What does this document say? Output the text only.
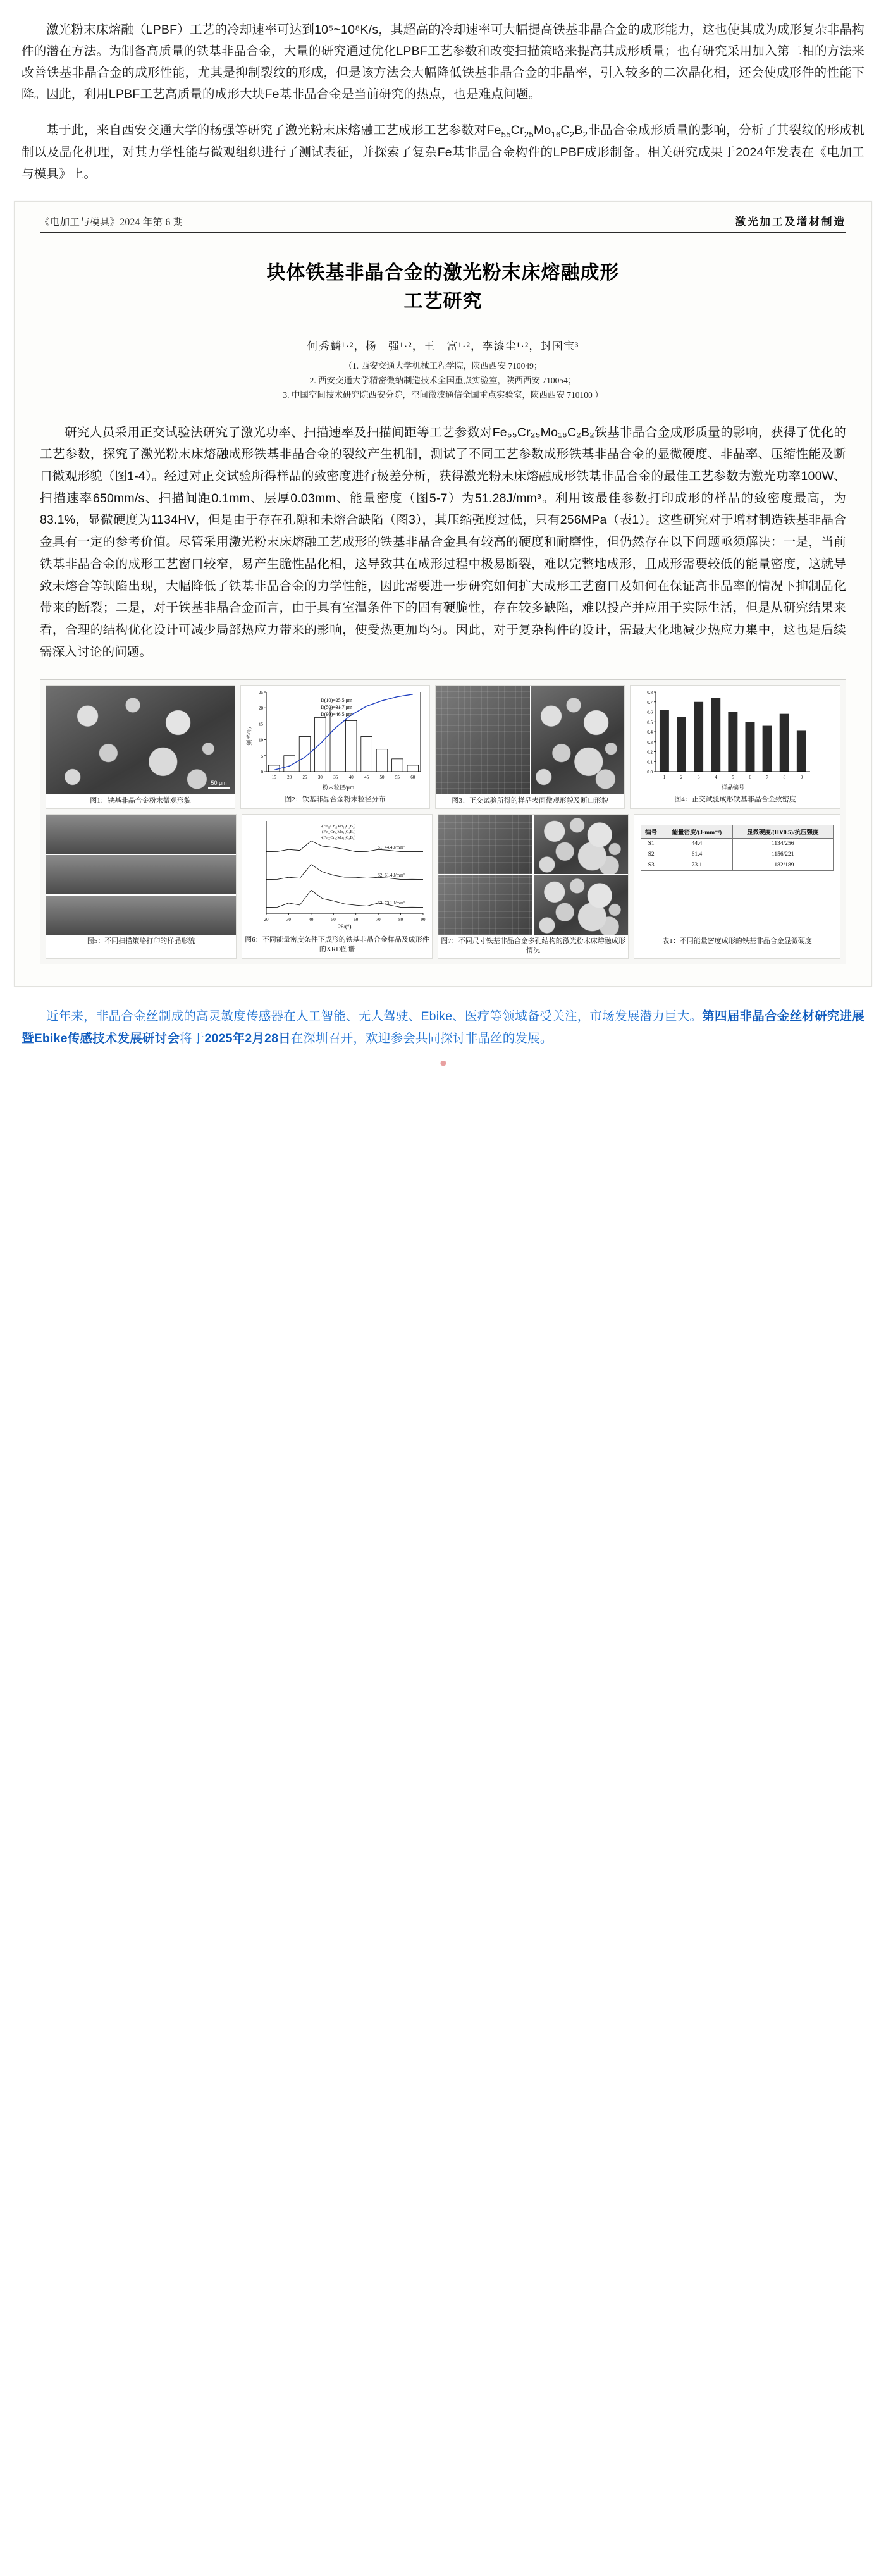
激光粉末床熔融（LPBF）工艺的冷却速率可达到10⁵~10⁸K/s，其超高的冷却速率可大幅提高铁基非晶合金的成形能力，这也使其成为成形复杂非晶构件的潜在方法。为制备高质量的铁基非晶合金，大量的研究通过优化LPBF工艺参数和改变扫描策略来提高其成形质量；也有研究采用加入第二相的方法来改善铁基非晶合金的成形性能，尤其是抑制裂纹的形成，但是该方法会大幅降低铁基非晶合金的非晶率，引入较多的二次晶化相，还会使成形件的性能下降。因此，利用LPBF工艺高质量的成形大块Fe基非晶合金是当前研究的热点，也是难点问题。

基于此，来自西安交通大学的杨强等研究了激光粉末床熔融工艺成形工艺参数对$Fe_{55}Cr_{25}Mo_{16}C_2B_2$非晶合金成形质量的影响，分析了其裂纹的形成机制以及晶化机理，对其力学性能与微观组织进行了测试表征，并探索了复杂Fe基非晶合金构件的LPBF成形制备。相关研究成果于2024年发表在《电加工与模具》上。

《电加工与模具》2024 年第 6 期	激光加工及增材制造
块体铁基非晶合金的激光粉末床熔融成形
工艺研究
何秀麟¹·²，杨　强¹·²，王　富¹·²，李漆尘¹·²，封国宝³
（1. 西安交通大学机械工程学院，陕西西安 710049；
2. 西安交通大学精密微纳制造技术全国重点实验室，陕西西安 710054；
3. 中国空间技术研究院西安分院，空间微波通信全国重点实验室，陕西西安 710100 ）

研究人员采用正交试验法研究了激光功率、扫描速率及扫描间距等工艺参数对Fe₅₅Cr₂₅Mo₁₆C₂B₂铁基非晶合金成形质量的影响，获得了优化的工艺参数，探究了激光粉末床熔融成形铁基非晶合金的裂纹产生机制，测试了不同工艺参数成形铁基非晶合金的显微硬度、非晶率、压缩性能及断口微观形貌（图1-4）。经过对正交试验所得样品的致密度进行极差分析，获得激光粉末床熔融成形铁基非晶合金的最佳工艺参数为激光功率100W、扫描速率650mm/s、扫描间距0.1mm、层厚0.03mm、能量密度（图5-7）为51.28J/mm³。利用该最佳参数打印成形的样品的致密度最高，为83.1%，显微硬度为1134HV，但是由于存在孔隙和未熔合缺陷（图3），其压缩强度过低，只有256MPa（表1）。这些研究对于增材制造铁基非晶合金具有一定的参考价值。尽管采用激光粉末床熔融工艺成形的铁基非晶合金具有较高的硬度和耐磨性，但仍然存在以下问题亟须解决：一是，当前铁基非晶合金的成形工艺窗口较窄，易产生脆性晶化相，这导致其在成形过程中极易断裂，难以完整地成形，且成形需要较低的能量密度，这就导致未熔合等缺陷出现，大幅降低了铁基非晶合金的力学性能，因此需要进一步研究如何扩大成形工艺窗口及如何在保证高非晶率的情况下抑制晶化带来的断裂；二是，对于铁基非晶合金而言，由于具有室温条件下的固有硬脆性，存在较多缺陷，难以投产并应用于实际生活，但是从研究结果来看，合理的结构优化设计可减少局部热应力带来的影响，使受热更加均匀。因此，对于复杂构件的设计，需最大化地减少热应力集中，这也是后续需深入讨论的问题。

50 μm
图1：铁基非晶合金粉末微观形貌
0
5
10
15
20
25
15 20 25 30 35 40 45 50 55 60
D(10)=25.5 μm
D(50)=31.7 μm
D(90)=46.5 μm
粉末粒径/μm
频率/％
图2：铁基非晶合金粉末粒径分布	图3：正交试验所得的样品表面微观形貌及断口形貌
0.0
0.1
0.2
0.3
0.4
0.5
0.6
0.7
0.8
1	2	3	4	5	6	7	8	9
样品编号
图4：正交试验成形铁基非晶合金致密度
图5：不同扫描策略打印的样品形貌
20	30	40	50	60	70	80	90
S3: 73.1 J/mm³
S2: 61.4 J/mm³
S1: 44.4 J/mm³
-(Fe₅₅Cr₂₅Mo₁₆C₂B₂)
-(Fe₅₅Cr₂₅Mo₁₆C₂B₂)
-(Fe₅₅Cr₂₅Mo₁₆C₂B₂)
2θ/(°)
图6：不同能量密度条件下成形的铁基非晶合金样品及成形件的XRD图谱
图7：不同尺寸铁基非晶合金多孔结构的激光粉末床熔融成形情况
编号	能量密度/(J·mm⁻³)	显微硬度/(HV0.5)/抗压强度
S1	44.4	1134/256
S2	61.4	1156/221
S3	73.1	1182/189
表1：不同能量密度成形的铁基非晶合金显微硬度

近年来，非晶合金丝制成的高灵敏度传感器在人工智能、无人驾驶、Ebike、医疗等领域备受关注，市场发展潜力巨大。第四届非晶合金丝材研究进展暨Ebike传感技术发展研讨会将于2025年2月28日在深圳召开，欢迎参会共同探讨非晶丝的发展。
